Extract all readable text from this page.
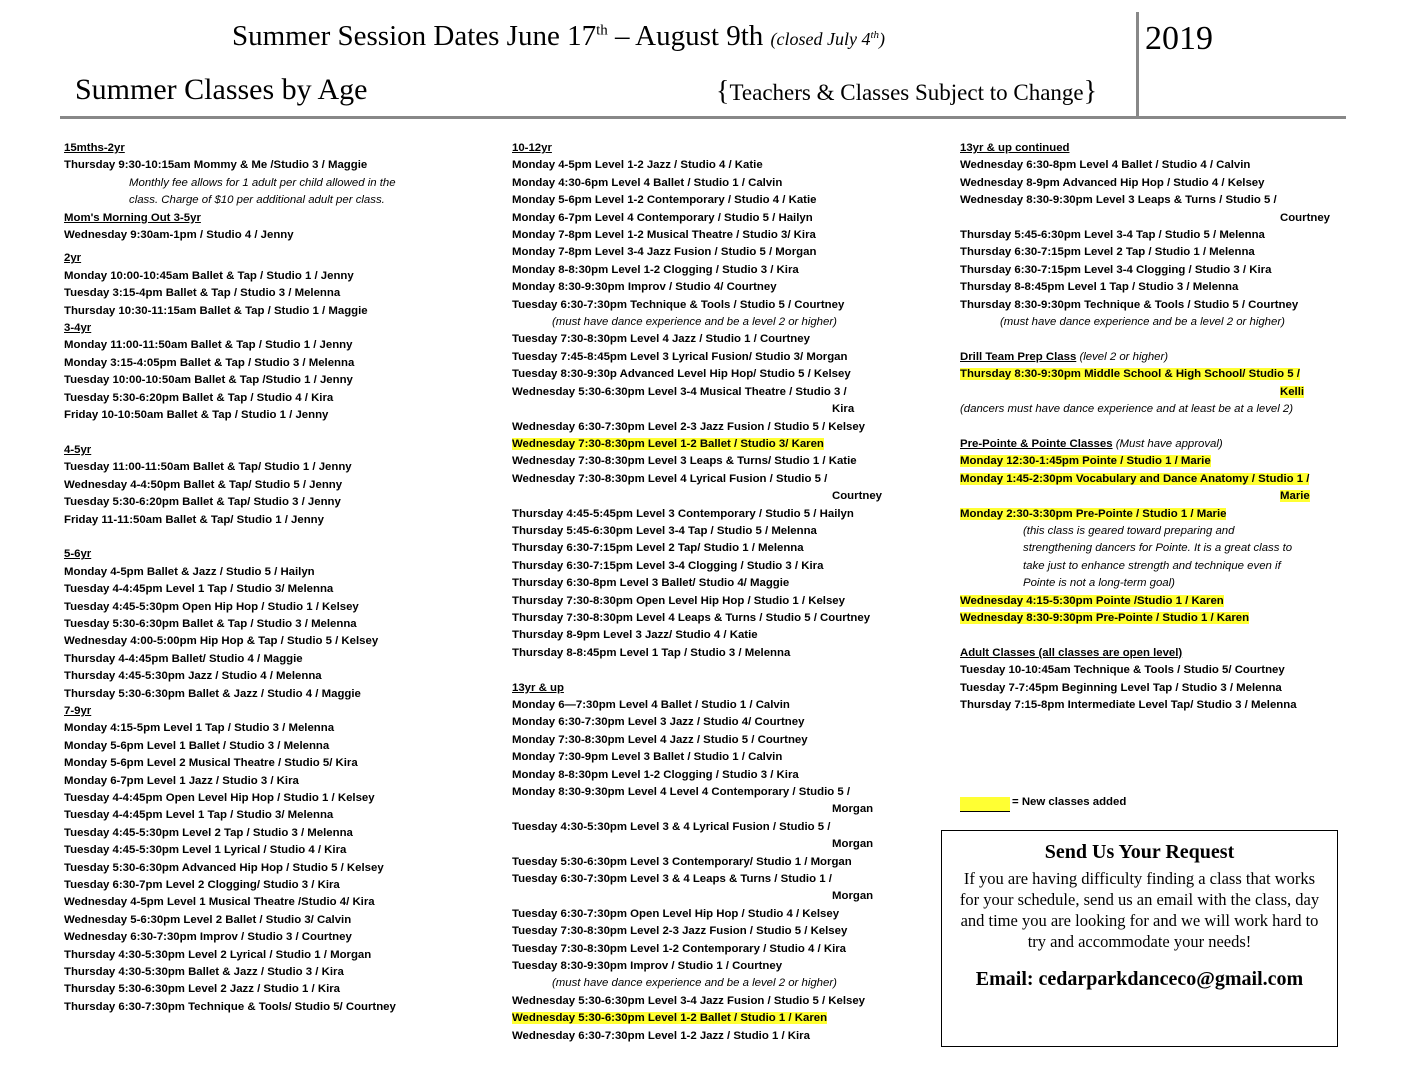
Summer Session Dates June 17th – August 9th (closed July 4th)	2019
Summer Classes by Age	{Teachers & Classes Subject to Change}
15mths-2yr
Thursday 9:30-10:15am Mommy & Me /Studio 3 / Maggie
Monthly fee allows for 1 adult per child allowed in the
class. Charge of $10 per additional adult per class.
Mom's Morning Out 3-5yr
Wednesday 9:30am-1pm / Studio 4 / Jenny
2yr
Monday 10:00-10:45am Ballet & Tap / Studio 1 / Jenny
Tuesday 3:15-4pm Ballet & Tap / Studio 3 / Melenna
Thursday 10:30-11:15am Ballet & Tap / Studio 1 / Maggie
3-4yr
Monday 11:00-11:50am Ballet & Tap / Studio 1 / Jenny
Monday 3:15-4:05pm Ballet & Tap / Studio 3 / Melenna
Tuesday 10:00-10:50am Ballet & Tap /Studio 1 / Jenny
Tuesday 5:30-6:20pm Ballet & Tap / Studio 4 / Kira
Friday 10-10:50am Ballet & Tap / Studio 1 / Jenny
4-5yr
Tuesday 11:00-11:50am Ballet & Tap/ Studio 1 / Jenny
Wednesday 4-4:50pm Ballet & Tap/ Studio 5 / Jenny
Tuesday 5:30-6:20pm Ballet & Tap/ Studio 3 / Jenny
Friday 11-11:50am Ballet & Tap/ Studio 1 / Jenny
5-6yr
Monday 4-5pm Ballet & Jazz / Studio 5 / Hailyn
Tuesday 4-4:45pm Level 1 Tap / Studio 3/ Melenna
Tuesday 4:45-5:30pm Open Hip Hop / Studio 1 / Kelsey
Tuesday 5:30-6:30pm Ballet & Tap / Studio 3 / Melenna
Wednesday 4:00-5:00pm Hip Hop & Tap / Studio 5 / Kelsey
Thursday 4-4:45pm Ballet/ Studio 4 / Maggie
Thursday 4:45-5:30pm Jazz / Studio 4 / Melenna
Thursday 5:30-6:30pm Ballet & Jazz / Studio 4 / Maggie
7-9yr
Monday 4:15-5pm Level 1 Tap / Studio 3 / Melenna
Monday 5-6pm Level 1 Ballet / Studio 3 / Melenna
Monday 5-6pm Level 2 Musical Theatre / Studio 5/ Kira
Monday 6-7pm Level 1 Jazz / Studio 3 / Kira
Tuesday 4-4:45pm Open Level Hip Hop / Studio 1 / Kelsey
Tuesday 4-4:45pm Level 1 Tap / Studio 3/ Melenna
Tuesday 4:45-5:30pm Level 2 Tap / Studio 3 / Melenna
Tuesday 4:45-5:30pm Level 1 Lyrical / Studio 4 / Kira
Tuesday 5:30-6:30pm Advanced Hip Hop / Studio 5 / Kelsey
Tuesday 6:30-7pm Level 2 Clogging/ Studio 3 / Kira
Wednesday 4-5pm Level 1 Musical Theatre /Studio 4/ Kira
Wednesday 5-6:30pm Level 2 Ballet / Studio 3/ Calvin
Wednesday 6:30-7:30pm Improv / Studio 3 / Courtney
Thursday 4:30-5:30pm Level 2 Lyrical / Studio 1 / Morgan
Thursday 4:30-5:30pm Ballet & Jazz / Studio 3 / Kira
Thursday 5:30-6:30pm Level 2 Jazz / Studio 1 / Kira
Thursday 6:30-7:30pm Technique & Tools/ Studio 5/ Courtney
10-12yr
Monday 4-5pm Level 1-2 Jazz / Studio 4 / Katie
Monday 4:30-6pm Level 4 Ballet / Studio 1 / Calvin
Monday 5-6pm Level 1-2 Contemporary / Studio 4 / Katie
Monday 6-7pm Level 4 Contemporary / Studio 5 / Hailyn
Monday 7-8pm Level 1-2 Musical Theatre / Studio 3/ Kira
Monday 7-8pm Level 3-4 Jazz Fusion / Studio 5 / Morgan
Monday 8-8:30pm Level 1-2 Clogging / Studio 3 / Kira
Monday 8:30-9:30pm Improv / Studio 4/ Courtney
Tuesday 6:30-7:30pm Technique & Tools / Studio 5 / Courtney
(must have dance experience and be a level 2 or higher)
Tuesday 7:30-8:30pm Level 4 Jazz / Studio 1 / Courtney
Tuesday 7:45-8:45pm Level 3 Lyrical Fusion/ Studio 3/ Morgan
Tuesday 8:30-9:30p Advanced Level Hip Hop/ Studio 5 / Kelsey
Wednesday 5:30-6:30pm Level 3-4 Musical Theatre / Studio 3 /
Kira
Wednesday 6:30-7:30pm Level 2-3 Jazz Fusion / Studio 5 / Kelsey
Wednesday 7:30-8:30pm Level 1-2 Ballet / Studio 3/ Karen
Wednesday 7:30-8:30pm Level 3 Leaps & Turns/ Studio 1 / Katie
Wednesday 7:30-8:30pm Level 4 Lyrical Fusion / Studio 5 /
Courtney
Thursday 4:45-5:45pm Level 3 Contemporary / Studio 5 / Hailyn
Thursday 5:45-6:30pm Level 3-4 Tap / Studio 5 / Melenna
Thursday 6:30-7:15pm Level 2 Tap/ Studio 1 / Melenna
Thursday 6:30-7:15pm Level 3-4 Clogging / Studio 3 / Kira
Thursday 6:30-8pm Level 3 Ballet/ Studio 4/ Maggie
Thursday 7:30-8:30pm Open Level Hip Hop / Studio 1 / Kelsey
Thursday 7:30-8:30pm Level 4 Leaps & Turns / Studio 5 / Courtney
Thursday 8-9pm Level 3 Jazz/ Studio 4 / Katie
Thursday 8-8:45pm Level 1 Tap / Studio 3 / Melenna
13yr & up
Monday 6—7:30pm Level 4 Ballet / Studio 1 / Calvin
Monday 6:30-7:30pm Level 3 Jazz / Studio 4/ Courtney
Monday 7:30-8:30pm Level 4 Jazz / Studio 5 / Courtney
Monday 7:30-9pm Level 3 Ballet / Studio 1 / Calvin
Monday 8-8:30pm Level 1-2 Clogging / Studio 3 / Kira
Monday 8:30-9:30pm Level 4 Level 4 Contemporary / Studio 5 /
Morgan
Tuesday 4:30-5:30pm Level 3 & 4 Lyrical Fusion / Studio 5 /
Morgan
Tuesday 5:30-6:30pm Level 3 Contemporary/ Studio 1 / Morgan
Tuesday 6:30-7:30pm Level 3 & 4 Leaps & Turns / Studio 1 /
Morgan
Tuesday 6:30-7:30pm Open Level Hip Hop / Studio 4 / Kelsey
Tuesday 7:30-8:30pm Level 2-3 Jazz Fusion / Studio 5 / Kelsey
Tuesday 7:30-8:30pm Level 1-2 Contemporary / Studio 4 / Kira
Tuesday 8:30-9:30pm Improv / Studio 1 / Courtney
(must have dance experience and be a level 2 or higher)
Wednesday 5:30-6:30pm Level 3-4 Jazz Fusion / Studio 5 / Kelsey
Wednesday 5:30-6:30pm Level 1-2 Ballet / Studio 1 / Karen
Wednesday 6:30-7:30pm Level 1-2 Jazz / Studio 1 / Kira
13yr & up continued
Wednesday 6:30-8pm Level 4 Ballet / Studio 4 / Calvin
Wednesday 8-9pm Advanced Hip Hop / Studio 4 / Kelsey
Wednesday 8:30-9:30pm Level 3 Leaps & Turns / Studio 5 /
Courtney
Thursday 5:45-6:30pm Level 3-4 Tap / Studio 5 / Melenna
Thursday 6:30-7:15pm Level 2 Tap / Studio 1 / Melenna
Thursday 6:30-7:15pm Level 3-4 Clogging / Studio 3 / Kira
Thursday 8-8:45pm Level 1 Tap / Studio 3 / Melenna
Thursday 8:30-9:30pm Technique & Tools / Studio 5 / Courtney
(must have dance experience and be a level 2 or higher)
Drill Team Prep Class (level 2 or higher)
Thursday 8:30-9:30pm Middle School & High School/ Studio 5 /
Kelli
(dancers must have dance experience and at least be at a level 2)
Pre-Pointe & Pointe Classes (Must have approval)
Monday 12:30-1:45pm Pointe / Studio 1 / Marie
Monday 1:45-2:30pm Vocabulary and Dance Anatomy / Studio 1 /
Marie
Monday 2:30-3:30pm Pre-Pointe / Studio 1 / Marie
(this class is geared toward preparing and
strengthening dancers for Pointe. It is a great class to
take just to enhance strength and technique even if
Pointe is not a long-term goal)
Wednesday 4:15-5:30pm Pointe /Studio 1 / Karen
Wednesday 8:30-9:30pm Pre-Pointe / Studio 1 / Karen
Adult Classes (all classes are open level)
Tuesday 10-10:45am Technique & Tools / Studio 5/ Courtney
Tuesday 7-7:45pm Beginning Level Tap / Studio 3 / Melenna
Thursday 7:15-8pm Intermediate Level Tap/ Studio 3 / Melenna
= New classes added
Send Us Your Request
If you are having difficulty finding a class that works for your schedule, send us an email with the class, day and time you are looking for and we will work hard to try and accommodate your needs!
Email: cedarparkdanceco@gmail.com
